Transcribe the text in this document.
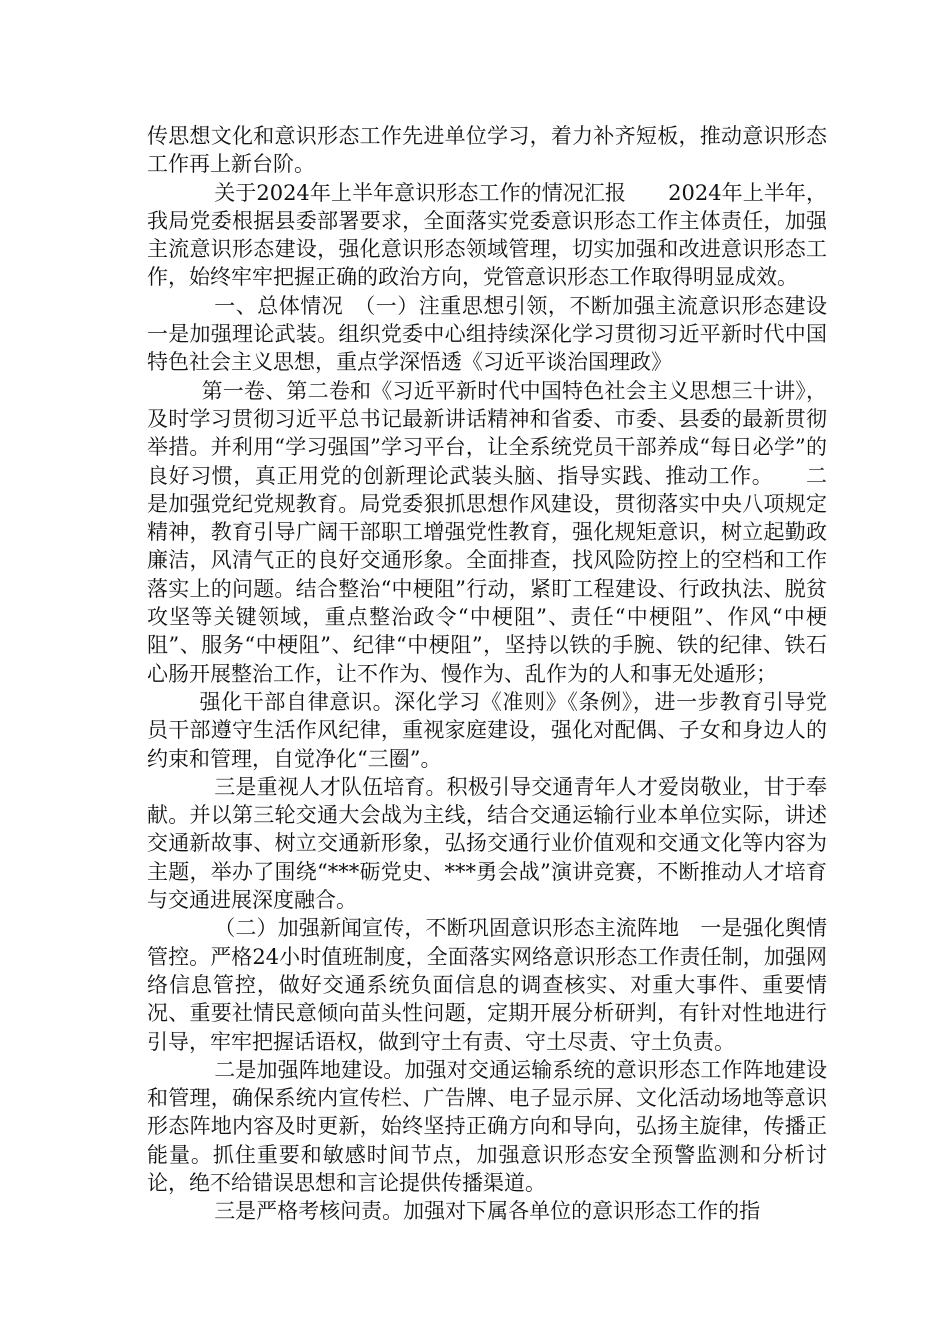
传思想文化和意识形态工作先进单位学习，着力补齐短板，推动意识形态工作再上新台阶。

关于2024年上半年意识形态工作的情况汇报　　2024年上半年，我局党委根据县委部署要求，全面落实党委意识形态工作主体责任，加强主流意识形态建设，强化意识形态领域管理，切实加强和改进意识形态工作，始终牢牢把握正确的政治方向，党管意识形态工作取得明显成效。

一、总体情况　（一）注重思想引领，不断加强主流意识形态建设　一是加强理论武装。组织党委中心组持续深化学习贯彻习近平新时代中国特色社会主义思想，重点学深悟透《习近平谈治国理政》

第一卷、第二卷和《习近平新时代中国特色社会主义思想三十讲》，及时学习贯彻习近平总书记最新讲话精神和省委、市委、县委的最新贯彻举措。并利用“学习强国”学习平台，让全系统党员干部养成“每日必学”的良好习惯，真正用党的创新理论武装头脑、指导实践、推动工作。　　二是加强党纪党规教育。局党委狠抓思想作风建设，贯彻落实中央八项规定精神，教育引导广阔干部职工增强党性教育，强化规矩意识，树立起勤政廉洁，风清气正的良好交通形象。全面排查，找风险防控上的空档和工作落实上的问题。结合整治“中梗阻”行动，紧盯工程建设、行政执法、脱贫攻坚等关键领域，重点整治政令“中梗阻”、责任“中梗阻”、作风“中梗阻”、服务“中梗阻”、纪律“中梗阻”，坚持以铁的手腕、铁的纪律、铁石心肠开展整治工作，让不作为、慢作为、乱作为的人和事无处遁形；

强化干部自律意识。深化学习《准则》《条例》，进一步教育引导党员干部遵守生活作风纪律，重视家庭建设，强化对配偶、子女和身边人的约束和管理，自觉净化“三圈”。

三是重视人才队伍培育。积极引导交通青年人才爱岗敬业，甘于奉献。并以第三轮交通大会战为主线，结合交通运输行业本单位实际，讲述交通新故事、树立交通新形象，弘扬交通行业价值观和交通文化等内容为主题，举办了围绕“***砺党史、***勇会战”演讲竞赛，不断推动人才培育与交通进展深度融合。

（二）加强新闻宣传，不断巩固意识形态主流阵地　一是强化舆情管控。严格24小时值班制度，全面落实网络意识形态工作责任制，加强网络信息管控，做好交通系统负面信息的调查核实、对重大事件、重要情况、重要社情民意倾向苗头性问题，定期开展分析研判，有针对性地进行引导，牢牢把握话语权，做到守土有责、守土尽责、守土负责。

二是加强阵地建设。加强对交通运输系统的意识形态工作阵地建设和管理，确保系统内宣传栏、广告牌、电子显示屏、文化活动场地等意识形态阵地内容及时更新，始终坚持正确方向和导向，弘扬主旋律，传播正能量。抓住重要和敏感时间节点，加强意识形态安全预警监测和分析讨论，绝不给错误思想和言论提供传播渠道。

三是严格考核问责。加强对下属各单位的意识形态工作的指
